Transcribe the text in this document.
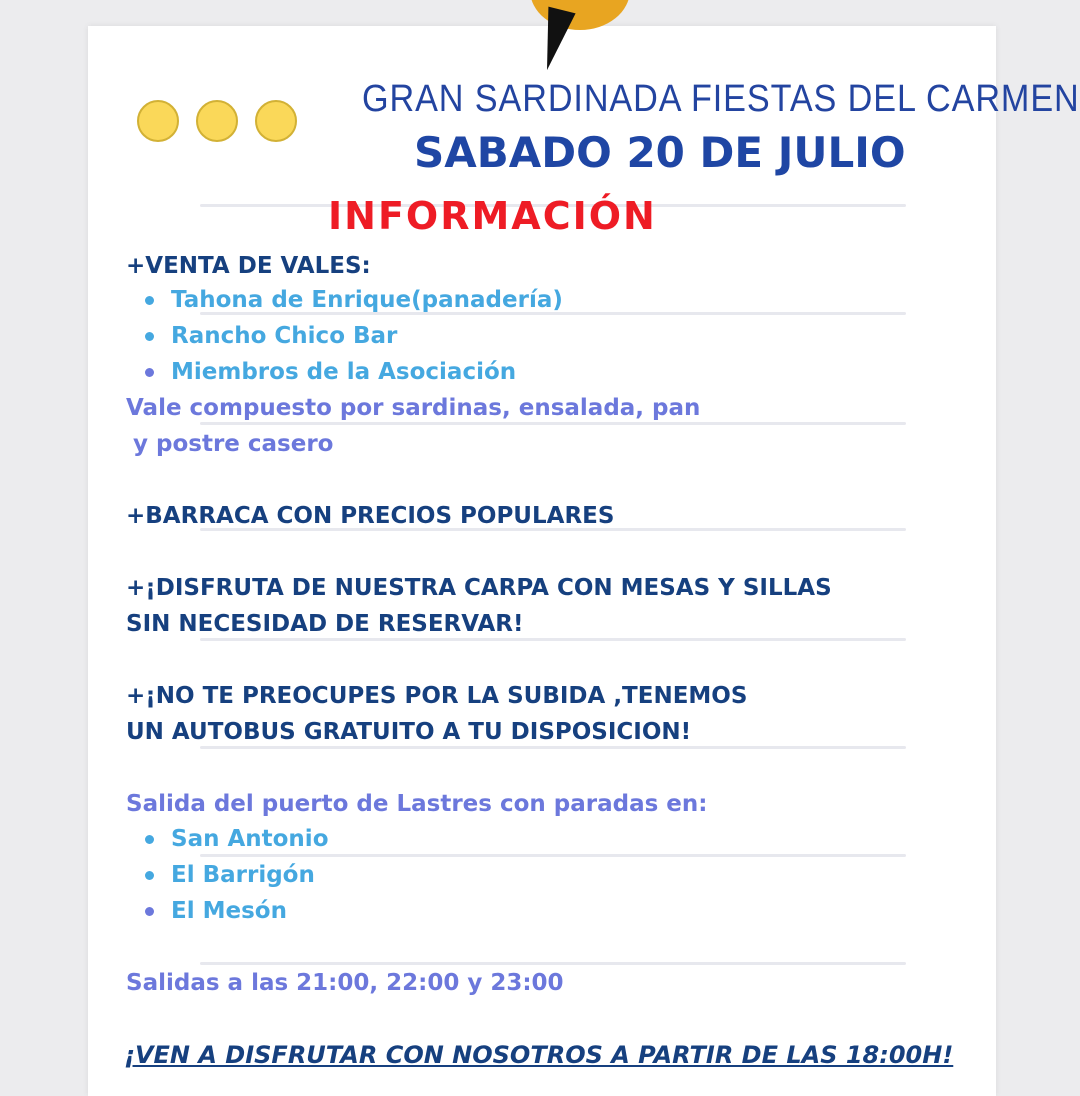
GRAN SARDINADA FIESTAS DEL CARMEN
SABADO 20 DE JULIO
INFORMACIÓN
+VENTA DE VALES:
Tahona de Enrique(panadería)
Rancho Chico Bar
Miembros de la Asociación
Vale compuesto por sardinas, ensalada, pan
y postre casero
+BARRACA CON PRECIOS POPULARES
+¡DISFRUTA DE NUESTRA CARPA CON MESAS Y SILLAS
SIN NECESIDAD DE RESERVAR!
+¡NO TE PREOCUPES POR LA SUBIDA ,TENEMOS
UN AUTOBUS GRATUITO A TU DISPOSICION!
Salida del puerto de Lastres con paradas en:
San Antonio
El Barrigón
El Mesón
Salidas a las 21:00, 22:00 y 23:00
¡VEN A DISFRUTAR CON NOSOTROS A PARTIR DE LAS 18:00H!
